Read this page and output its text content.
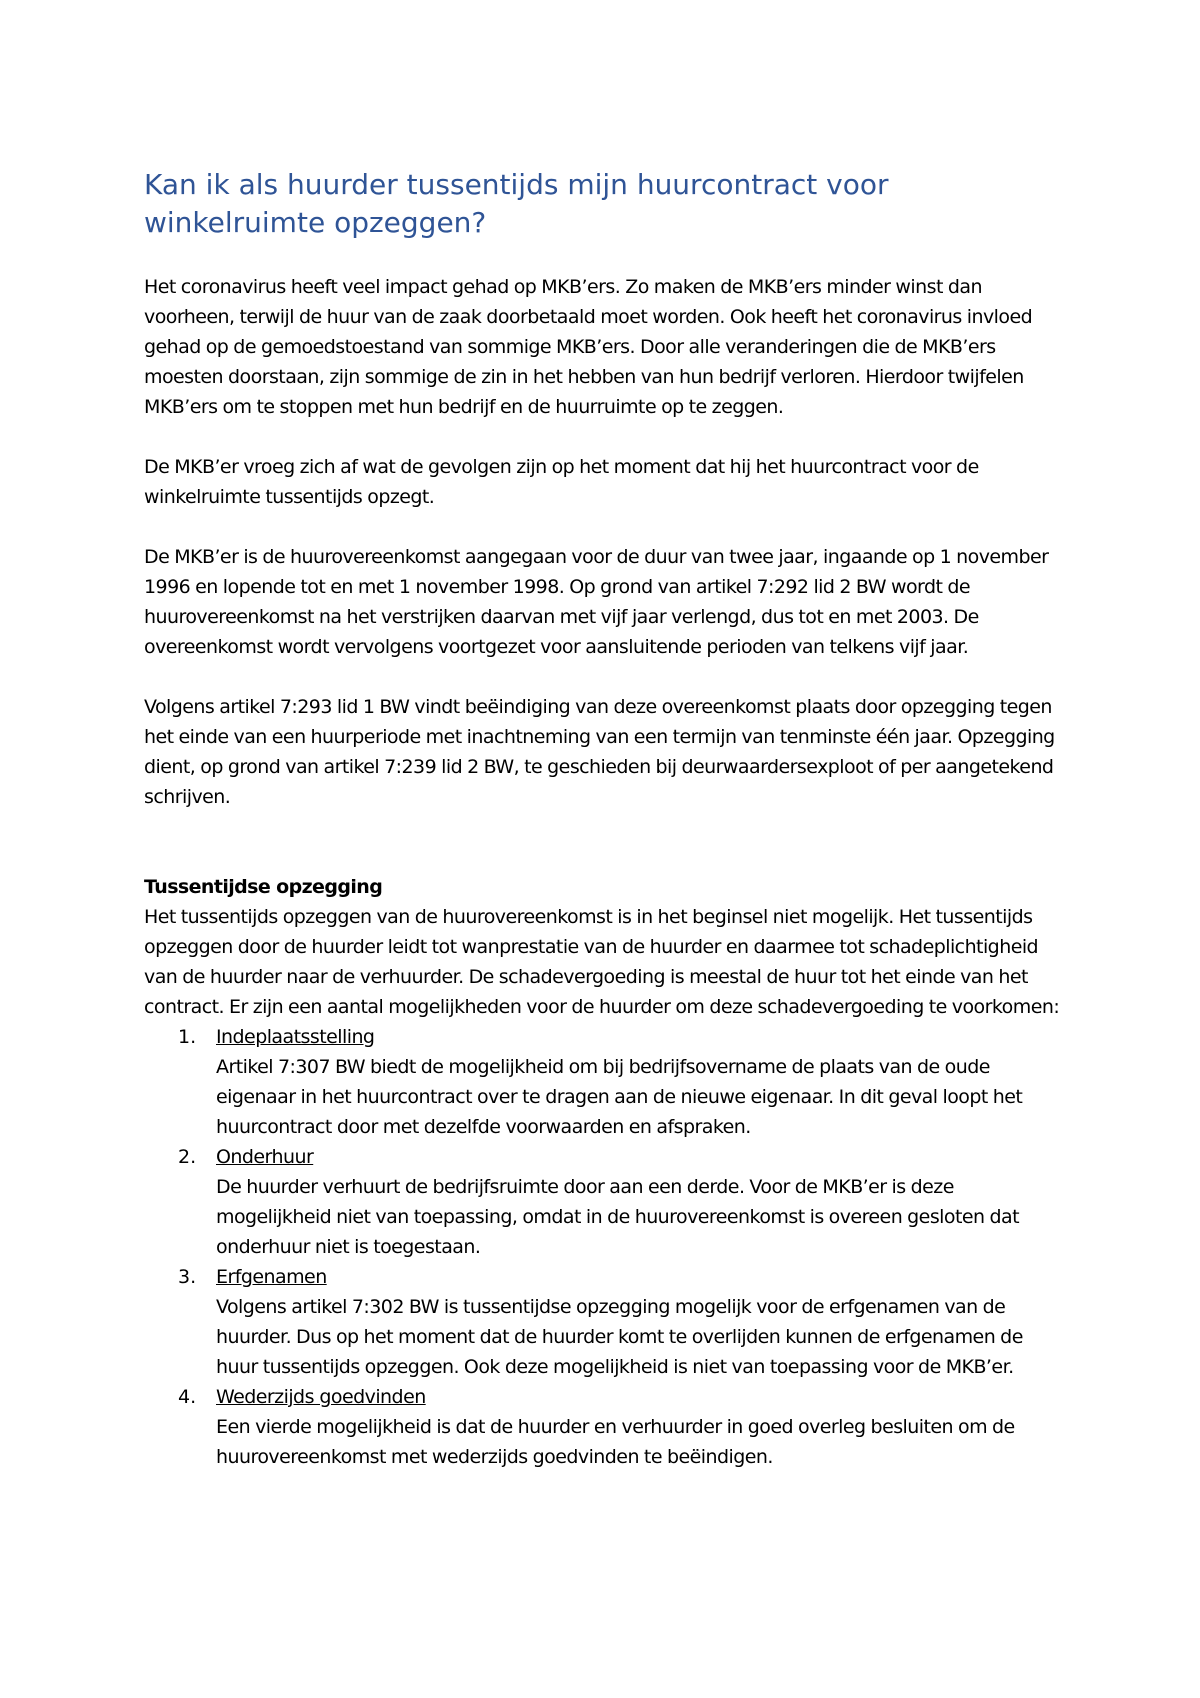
Kan ik als huurder tussentijds mijn huurcontract voor winkelruimte opzeggen?

Het coronavirus heeft veel impact gehad op MKB’ers. Zo maken de MKB’ers minder winst dan voorheen, terwijl de huur van de zaak doorbetaald moet worden. Ook heeft het coronavirus invloed gehad op de gemoedstoestand van sommige MKB’ers. Door alle veranderingen die de MKB’ers moesten doorstaan, zijn sommige de zin in het hebben van hun bedrijf verloren. Hierdoor twijfelen MKB’ers om te stoppen met hun bedrijf en de huurruimte op te zeggen.

De MKB’er vroeg zich af wat de gevolgen zijn op het moment dat hij het huurcontract voor de winkelruimte tussentijds opzegt.

De MKB’er is de huurovereenkomst aangegaan voor de duur van twee jaar, ingaande op 1 november 1996 en lopende tot en met 1 november 1998. Op grond van artikel 7:292 lid 2 BW wordt de huurovereenkomst na het verstrijken daarvan met vijf jaar verlengd, dus tot en met 2003. De overeenkomst wordt vervolgens voortgezet voor aansluitende perioden van telkens vijf jaar.

Volgens artikel 7:293 lid 1 BW vindt beëindiging van deze overeenkomst plaats door opzegging tegen het einde van een huurperiode met inachtneming van een termijn van tenminste één jaar. Opzegging dient, op grond van artikel 7:239 lid 2 BW, te geschieden bij deurwaardersexploot of per aangetekend schrijven.

Tussentijdse opzegging

Het tussentijds opzeggen van de huurovereenkomst is in het beginsel niet mogelijk. Het tussentijds opzeggen door de huurder leidt tot wanprestatie van de huurder en daarmee tot schadeplichtigheid van de huurder naar de verhuurder. De schadevergoeding is meestal de huur tot het einde van het contract. Er zijn een aantal mogelijkheden voor de huurder om deze schadevergoeding te voorkomen:

1. Indeplaatsstelling

Artikel 7:307 BW biedt de mogelijkheid om bij bedrijfsovername de plaats van de oude eigenaar in het huurcontract over te dragen aan de nieuwe eigenaar. In dit geval loopt het huurcontract door met dezelfde voorwaarden en afspraken.

2. Onderhuur

De huurder verhuurt de bedrijfsruimte door aan een derde. Voor de MKB’er is deze mogelijkheid niet van toepassing, omdat in de huurovereenkomst is overeen gesloten dat onderhuur niet is toegestaan.

3. Erfgenamen

Volgens artikel 7:302 BW is tussentijdse opzegging mogelijk voor de erfgenamen van de huurder. Dus op het moment dat de huurder komt te overlijden kunnen de erfgenamen de huur tussentijds opzeggen. Ook deze mogelijkheid is niet van toepassing voor de MKB’er.

4. Wederzijds goedvinden

Een vierde mogelijkheid is dat de huurder en verhuurder in goed overleg besluiten om de huurovereenkomst met wederzijds goedvinden te beëindigen.
